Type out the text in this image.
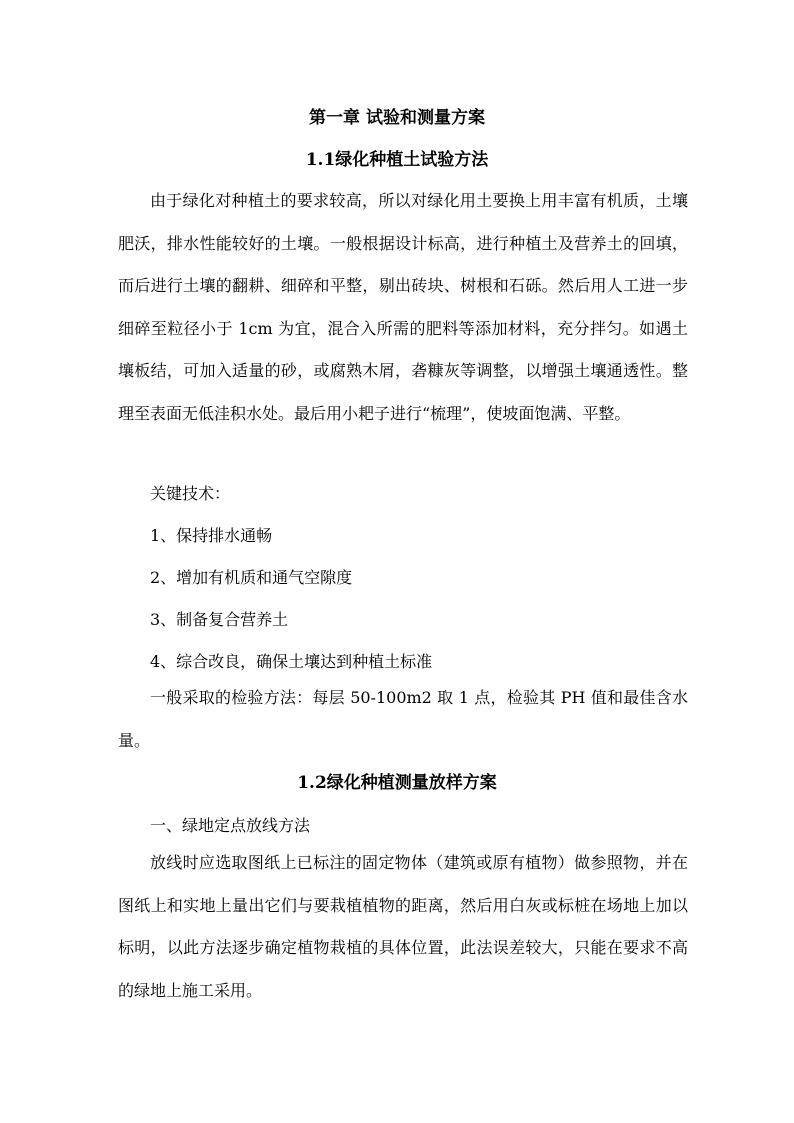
第一章 试验和测量方案
1.1绿化种植土试验方法
由于绿化对种植土的要求较高，所以对绿化用土要换上用丰富有机质，土壤肥沃，排水性能较好的土壤。一般根据设计标高，进行种植土及营养土的回填，而后进行土壤的翻耕、细碎和平整，剔出砖块、树根和石砾。然后用人工进一步细碎至粒径小于 1cm 为宜，混合入所需的肥料等添加材料，充分拌匀。如遇土壤板结，可加入适量的砂，或腐熟木屑，砻糠灰等调整，以增强土壤通透性。整理至表面无低洼积水处。最后用小耙子进行“梳理”，使坡面饱满、平整。
关键技术：
1、保持排水通畅
2、增加有机质和通气空隙度
3、制备复合营养土
4、综合改良，确保土壤达到种植土标准
一般采取的检验方法：每层 50-100m2 取 1 点，检验其 PH 值和最佳含水量。
1.2绿化种植测量放样方案
一、绿地定点放线方法
放线时应选取图纸上已标注的固定物体（建筑或原有植物）做参照物，并在图纸上和实地上量出它们与要栽植植物的距离，然后用白灰或标桩在场地上加以标明，以此方法逐步确定植物栽植的具体位置，此法误差较大，只能在要求不高的绿地上施工采用。
